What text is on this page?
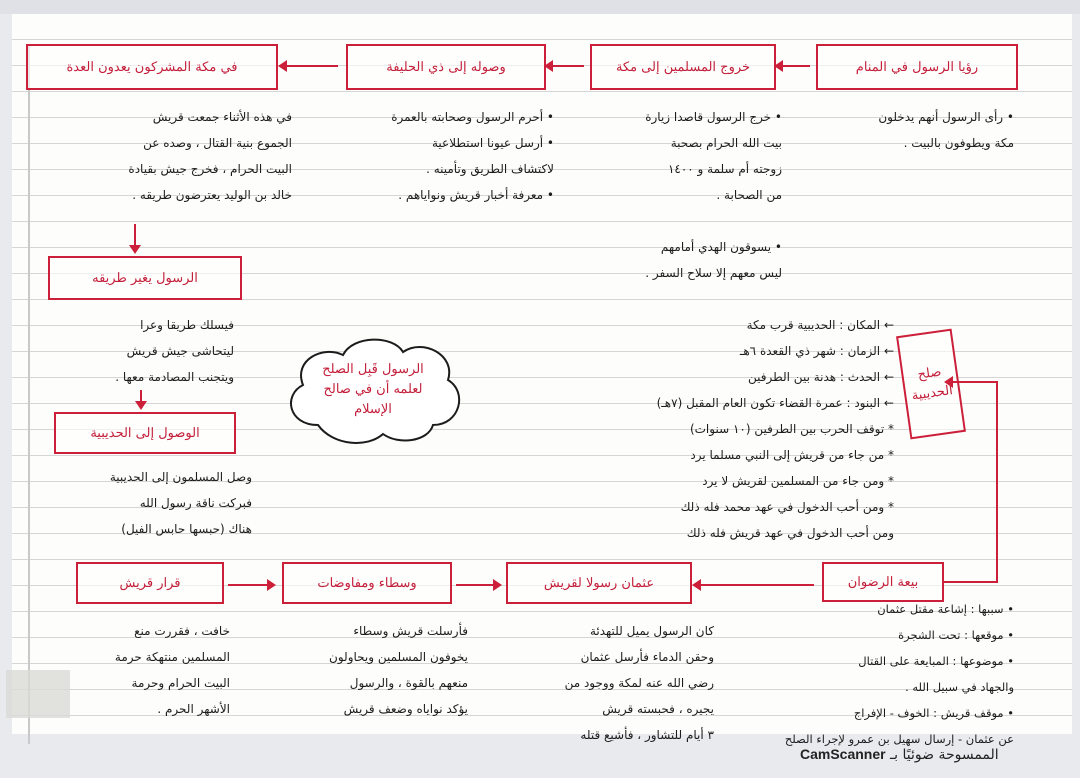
رؤيا الرسول في المنام
خروج المسلمين إلى مكة
وصوله إلى ذي الحليفة
في مكة المشركون يعدون العدة
• رأى الرسول أنهم يدخلون
مكة ويطوفون بالبيت .
• خرج الرسول قاصدا زيارة
بيت الله الحرام بصحبة
زوجته أم سلمة و ١٤٠٠
من الصحابة .
• يسوقون الهدي أمامهم
ليس معهم إلا سلاح السفر .
• أحرم الرسول وصحابته بالعمرة
• أرسل عيونا استطلاعية
لاكتشاف الطريق وتأمينه .
• معرفة أخبار قريش ونواياهم .
في هذه الأثناء جمعت قريش
الجموع بنية القتال ، وصده عن
البيت الحرام ، فخرج جيش بقيادة
خالد بن الوليد يعترضون طريقه .
الرسول يغير طريقه
فيسلك طريقا وعرا
ليتحاشى جيش قريش
ويتجنب المصادمة معها .
الوصول إلى الحديبية
وصل المسلمون إلى الحديبية
فبركت ناقة رسول الله
هناك (حبسها حابس الفيل)
الرسول قَبِل الصلح
لعلمه أن في صالح
الإسلام
← المكان : الحديبية قرب مكة
← الزمان : شهر ذي القعدة ٦هـ
← الحدث : هدنة بين الطرفين
← البنود : عمرة القضاء تكون العام المقبل (٧هـ)
* توقف الحرب بين الطرفين (١٠ سنوات)
* من جاء من قريش إلى النبي مسلما يرد
* ومن جاء من المسلمين لقريش لا يرد
* ومن أحب الدخول في عهد محمد فله ذلك
ومن أحب الدخول في عهد قريش فله ذلك
صلح الحديبية
بيعة الرضوان
عثمان رسولا لقريش
وسطاء ومفاوضات
قرار قريش
• سببها : إشاعة مقتل عثمان
• موقعها : تحت الشجرة
• موضوعها : المبايعة على القتال
والجهاد في سبيل الله .
• موقف قريش : الخوف - الإفراج
عن عثمان - إرسال سهيل بن عمرو لإجراء الصلح
كان الرسول يميل للتهدئة
وحقن الدماء فأرسل عثمان
رضي الله عنه لمكة ووجود من
يجيره ، فحبسته قريش
٣ أيام للتشاور ، فأشيع قتله
فأرسلت قريش وسطاء
يخوفون المسلمين ويحاولون
منعهم بالقوة ، والرسول
يؤكد نواياه وضعف قريش
خافت ، فقررت منع
المسلمين منتهكة حرمة
البيت الحرام وحرمة
الأشهر الحرم .
الممسوحة ضوئيًا بـ CamScanner
